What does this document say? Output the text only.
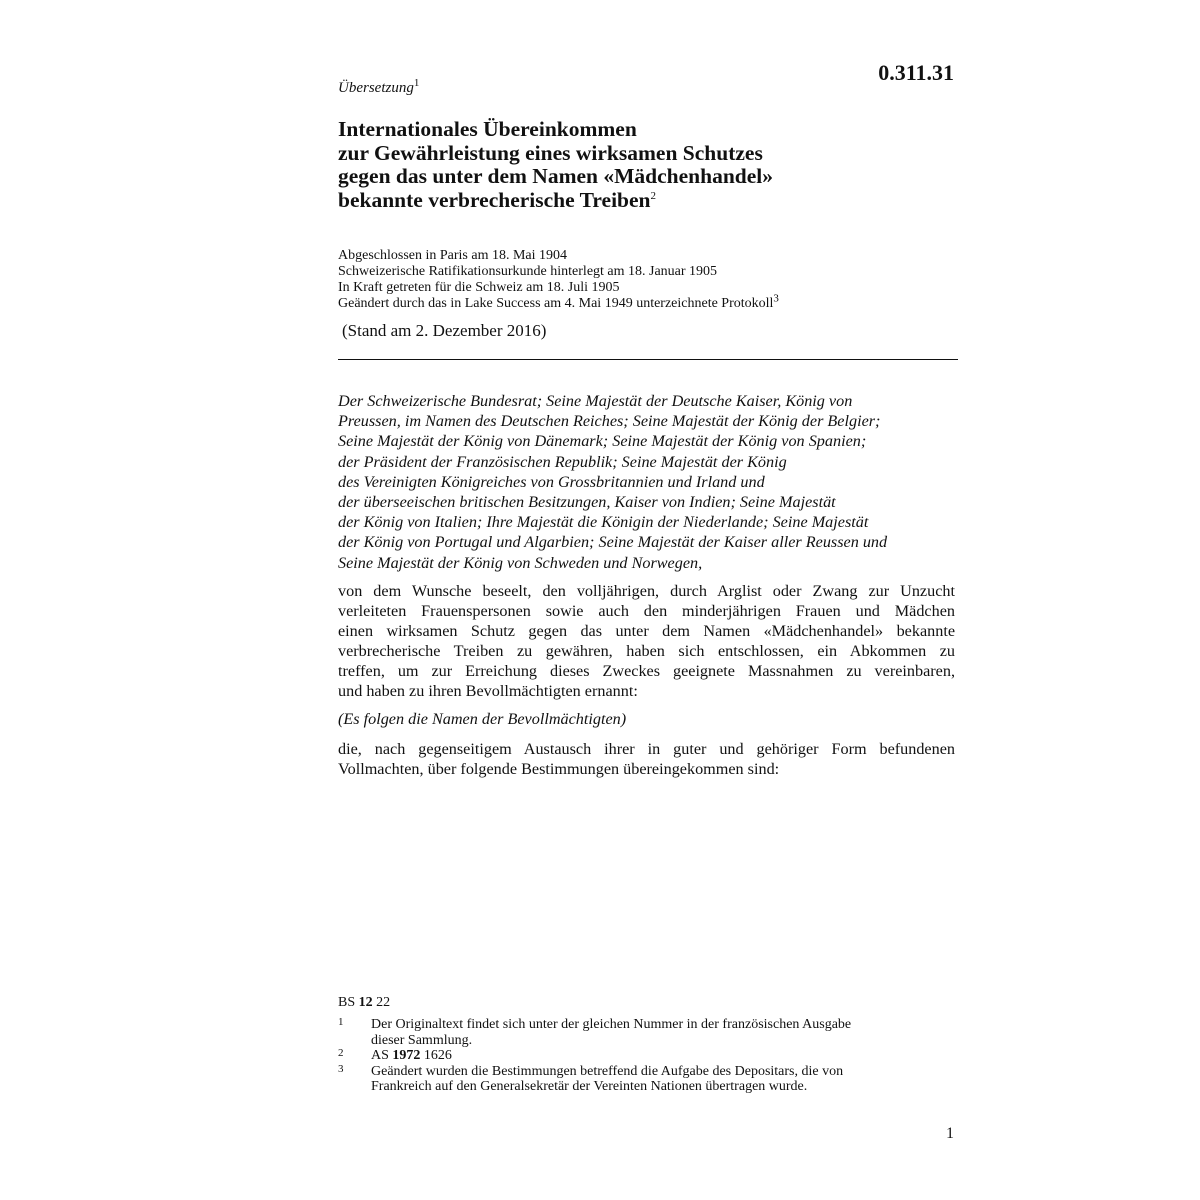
0.311.31
Übersetzung$^1$
Internationales Übereinkommen
zur Gewährleistung eines wirksamen Schutzes
gegen das unter dem Namen «Mädchenhandel»
bekannte verbrecherische Treiben$^2$
Abgeschlossen in Paris am 18. Mai 1904
Schweizerische Ratifikationsurkunde hinterlegt am 18. Januar 1905
In Kraft getreten für die Schweiz am 18. Juli 1905
Geändert durch das in Lake Success am 4. Mai 1949 unterzeichnete Protokoll$^3$
(Stand am 2. Dezember 2016)
Der Schweizerische Bundesrat; Seine Majestät der Deutsche Kaiser, König von
Preussen, im Namen des Deutschen Reiches; Seine Majestät der König der Belgier;
Seine Majestät der König von Dänemark; Seine Majestät der König von Spanien;
der Präsident der Französischen Republik; Seine Majestät der König
des Vereinigten Königreiches von Grossbritannien und Irland und
der überseeischen britischen Besitzungen, Kaiser von Indien; Seine Majestät
der König von Italien; Ihre Majestät die Königin der Niederlande; Seine Majestät
der König von Portugal und Algarbien; Seine Majestät der Kaiser aller Reussen und
Seine Majestät der König von Schweden und Norwegen,
von dem Wunsche beseelt, den volljährigen, durch Arglist oder Zwang zur Unzucht
verleiteten Frauenspersonen sowie auch den minderjährigen Frauen und Mädchen
einen wirksamen Schutz gegen das unter dem Namen «Mädchenhandel» bekannte
verbrecherische Treiben zu gewähren, haben sich entschlossen, ein Abkommen zu
treffen, um zur Erreichung dieses Zweckes geeignete Massnahmen zu vereinbaren,
und haben zu ihren Bevollmächtigten ernannt:
(Es folgen die Namen der Bevollmächtigten)
die, nach gegenseitigem Austausch ihrer in guter und gehöriger Form befundenen
Vollmachten, über folgende Bestimmungen übereingekommen sind:
BS 12 22
1 Der Originaltext findet sich unter der gleichen Nummer in der französischen Ausgabe
dieser Sammlung.
2 AS 1972 1626
3 Geändert wurden die Bestimmungen betreffend die Aufgabe des Depositars, die von
Frankreich auf den Generalsekretär der Vereinten Nationen übertragen wurde.
1
